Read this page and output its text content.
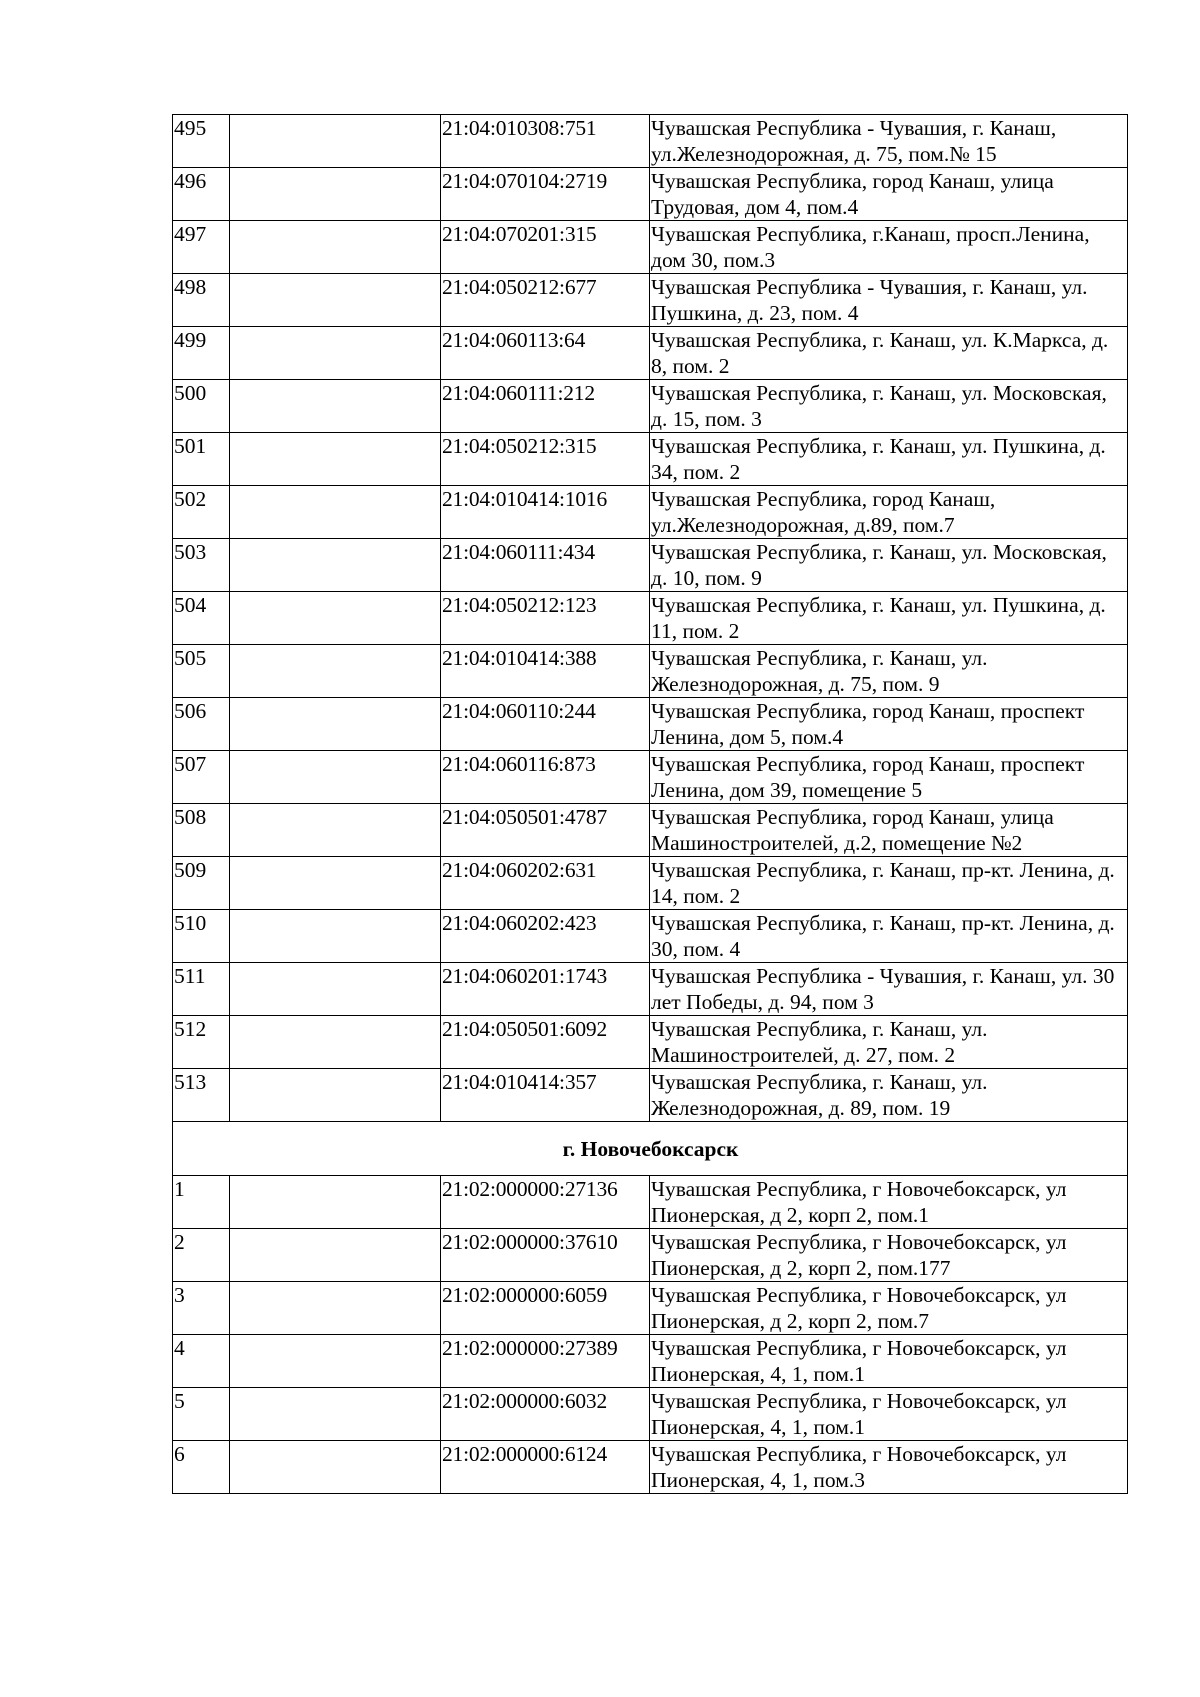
495		21:04:010308:751	Чувашская Республика - Чувашия, г. Канаш, ул.Железнодорожная, д. 75, пом.№ 15
496		21:04:070104:2719	Чувашская Республика, город Канаш, улица Трудовая, дом 4, пом.4
497		21:04:070201:315	Чувашская Республика, г.Канаш, просп.Ленина, дом 30, пом.3
498		21:04:050212:677	Чувашская Республика - Чувашия, г. Канаш, ул. Пушкина, д. 23, пом. 4
499		21:04:060113:64	Чувашская Республика, г. Канаш, ул. К.Маркса, д. 8, пом. 2
500		21:04:060111:212	Чувашская Республика, г. Канаш, ул. Московская, д. 15, пом. 3
501		21:04:050212:315	Чувашская Республика, г. Канаш, ул. Пушкина, д. 34, пом. 2
502		21:04:010414:1016	Чувашская Республика, город Канаш, ул.Железнодорожная, д.89, пом.7
503		21:04:060111:434	Чувашская Республика, г. Канаш, ул. Московская, д. 10, пом. 9
504		21:04:050212:123	Чувашская Республика, г. Канаш, ул. Пушкина, д. 11, пом. 2
505		21:04:010414:388	Чувашская Республика, г. Канаш, ул. Железнодорожная, д. 75, пом. 9
506		21:04:060110:244	Чувашская Республика, город Канаш, проспект Ленина, дом 5, пом.4
507		21:04:060116:873	Чувашская Республика, город Канаш, проспект Ленина, дом 39, помещение 5
508		21:04:050501:4787	Чувашская Республика, город Канаш, улица Машиностроителей, д.2, помещение №2
509		21:04:060202:631	Чувашская Республика, г. Канаш, пр-кт. Ленина, д. 14, пом. 2
510		21:04:060202:423	Чувашская Республика, г. Канаш, пр-кт. Ленина, д. 30, пом. 4
511		21:04:060201:1743	Чувашская Республика - Чувашия, г. Канаш, ул. 30 лет Победы, д. 94, пом 3
512		21:04:050501:6092	Чувашская Республика, г. Канаш, ул. Машиностроителей, д. 27, пом. 2
513		21:04:010414:357	Чувашская Республика, г. Канаш, ул. Железнодорожная, д. 89, пом. 19
г. Новочебоксарск			
1		21:02:000000:27136	Чувашская Республика, г Новочебоксарск, ул Пионерская, д 2, корп 2, пом.1
2		21:02:000000:37610	Чувашская Республика, г Новочебоксарск, ул Пионерская, д 2, корп 2, пом.177
3		21:02:000000:6059	Чувашская Республика, г Новочебоксарск, ул Пионерская, д 2, корп 2, пом.7
4		21:02:000000:27389	Чувашская Республика, г Новочебоксарск, ул Пионерская, 4, 1, пом.1
5		21:02:000000:6032	Чувашская Республика, г Новочебоксарск, ул Пионерская, 4, 1, пом.1
6		21:02:000000:6124	Чувашская Республика, г Новочебоксарск, ул Пионерская, 4, 1, пом.3
